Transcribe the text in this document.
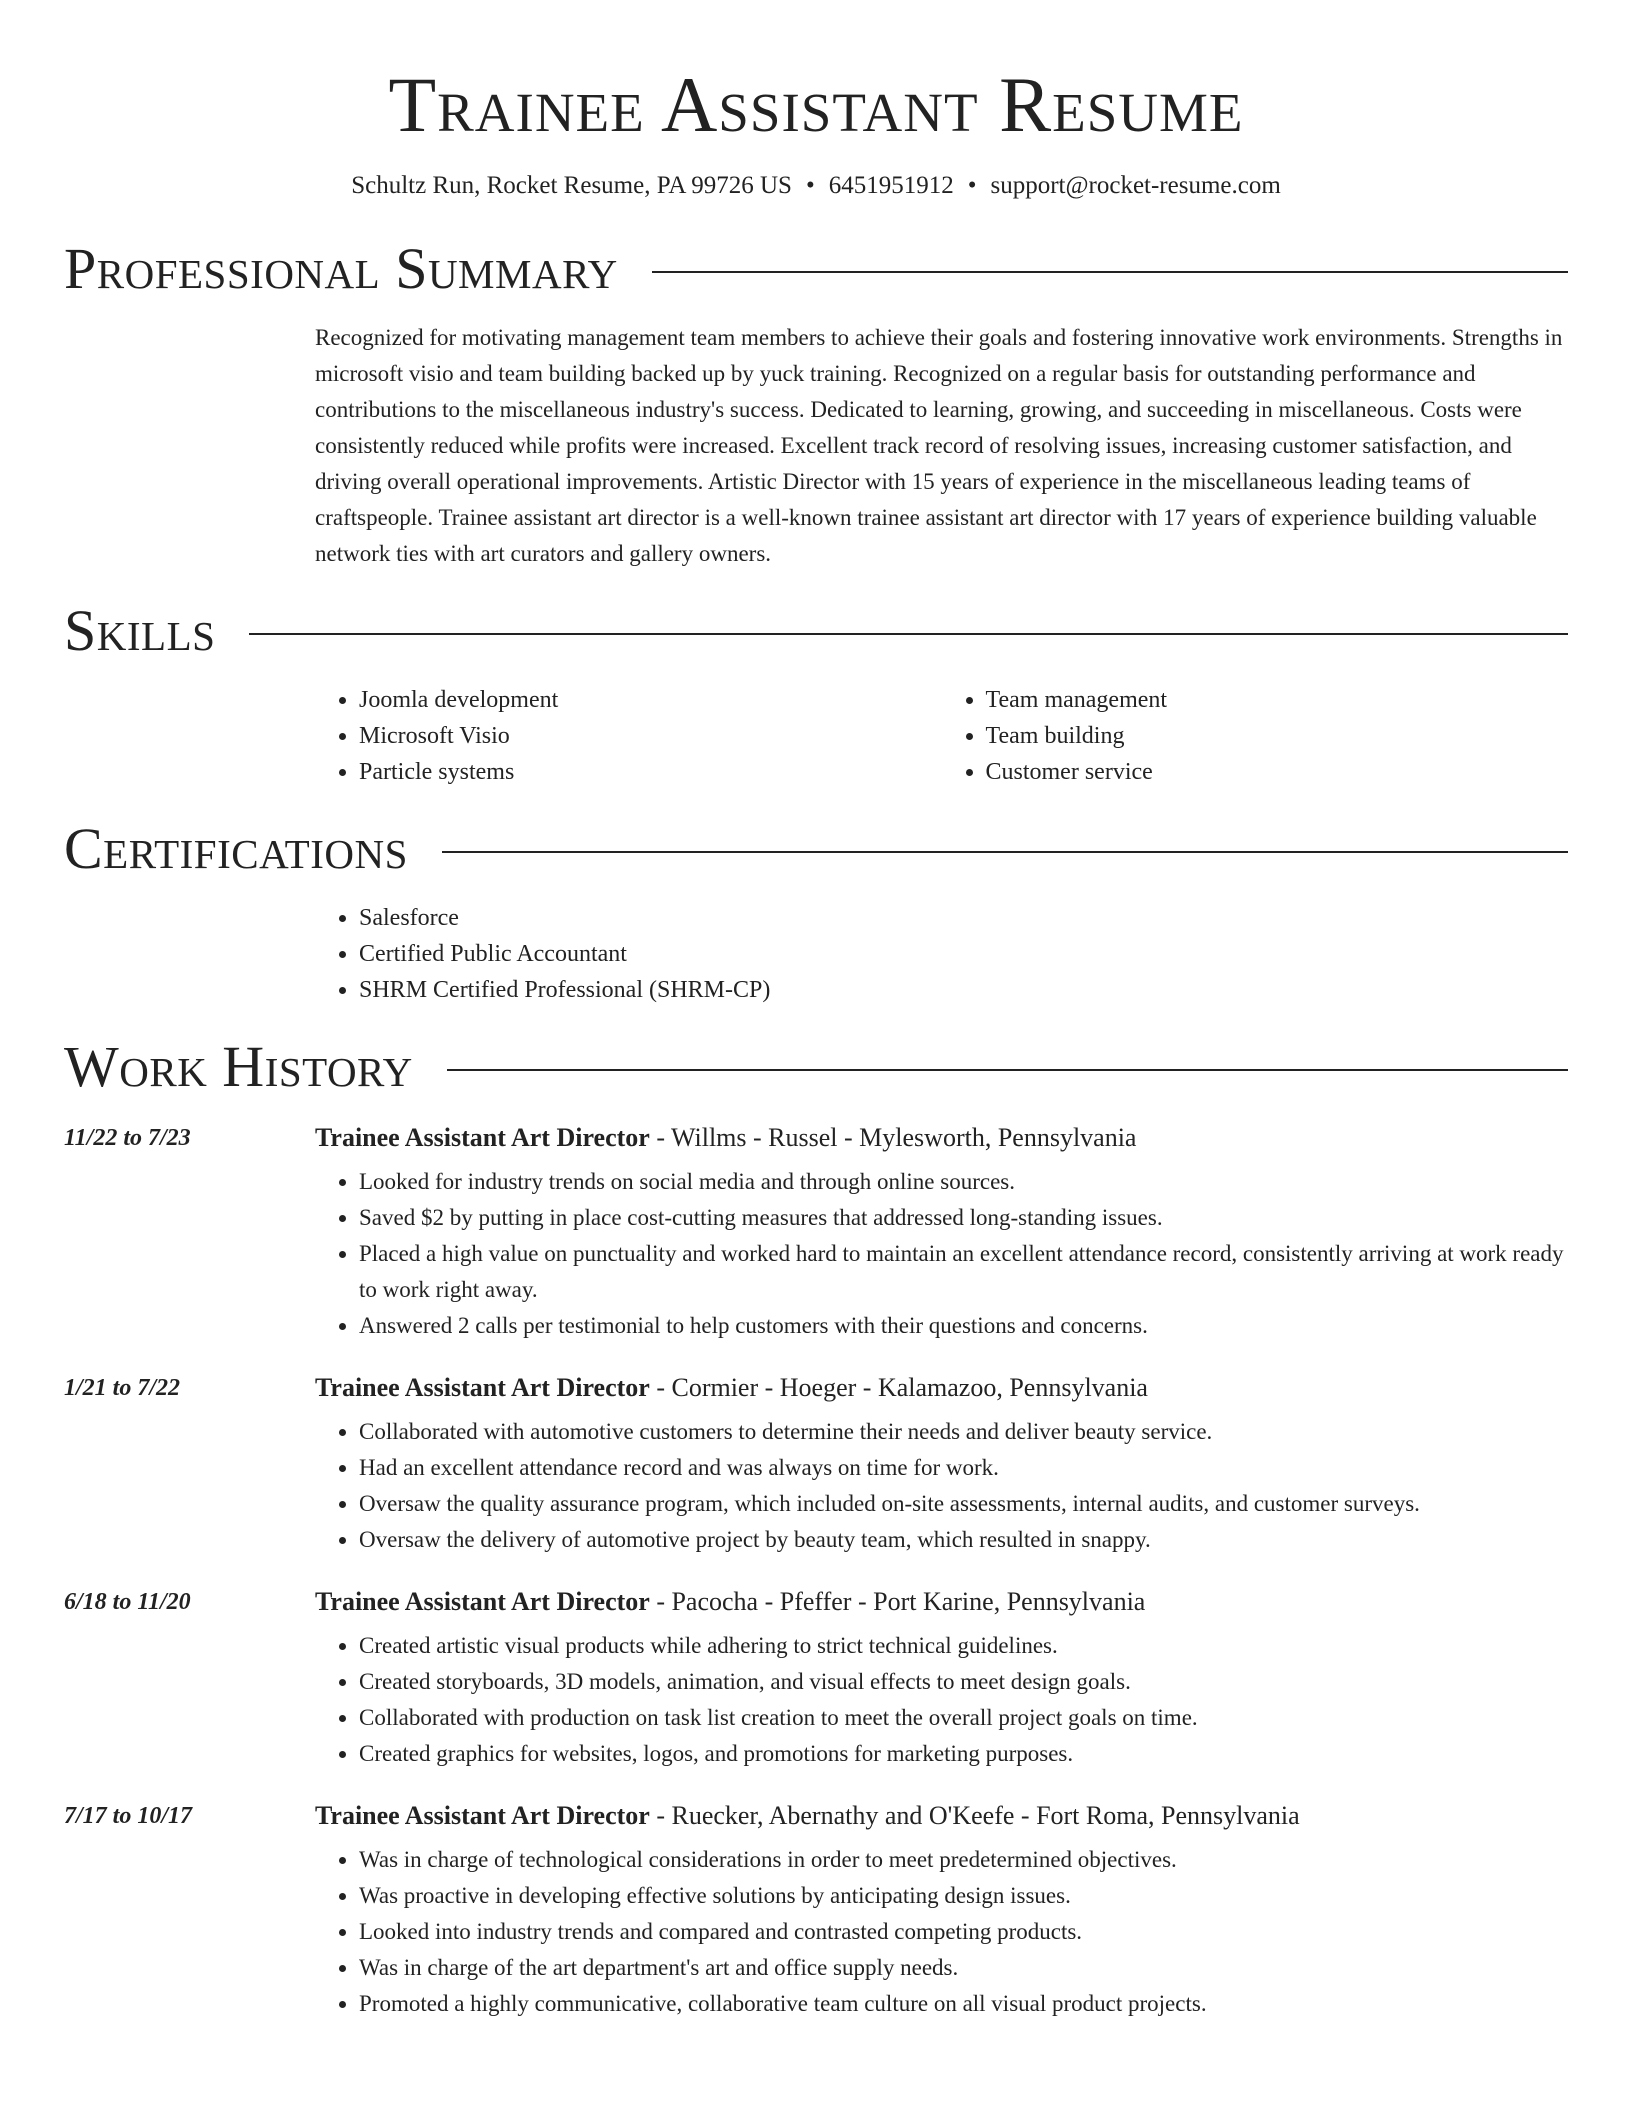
Trainee Assistant Resume
Schultz Run, Rocket Resume, PA 99726 US • 6451951912 • support@rocket-resume.com
Professional Summary

Recognized for motivating management team members to achieve their goals and fostering innovative work environments. Strengths in microsoft visio and team building backed up by yuck training. Recognized on a regular basis for outstanding performance and contributions to the miscellaneous industry's success. Dedicated to learning, growing, and succeeding in miscellaneous. Costs were consistently reduced while profits were increased. Excellent track record of resolving issues, increasing customer satisfaction, and driving overall operational improvements. Artistic Director with 15 years of experience in the miscellaneous leading teams of craftspeople. Trainee assistant art director is a well-known trainee assistant art director with 17 years of experience building valuable network ties with art curators and gallery owners.

Skills
• Joomla development
• Microsoft Visio
• Particle systems
• Team management
• Team building
• Customer service
Certifications
• Salesforce
• Certified Public Accountant
• SHRM Certified Professional (SHRM-CP)
Work History
11/22 to 7/23	Trainee Assistant Art Director - Willms - Russel - Mylesworth, Pennsylvania
• Looked for industry trends on social media and through online sources.
• Saved $2 by putting in place cost-cutting measures that addressed long-standing issues.
• Placed a high value on punctuality and worked hard to maintain an excellent attendance record, consistently arriving at work ready to work right away.
• Answered 2 calls per testimonial to help customers with their questions and concerns.
1/21 to 7/22	Trainee Assistant Art Director - Cormier - Hoeger - Kalamazoo, Pennsylvania
• Collaborated with automotive customers to determine their needs and deliver beauty service.
• Had an excellent attendance record and was always on time for work.
• Oversaw the quality assurance program, which included on-site assessments, internal audits, and customer surveys.
• Oversaw the delivery of automotive project by beauty team, which resulted in snappy.
6/18 to 11/20	Trainee Assistant Art Director - Pacocha - Pfeffer - Port Karine, Pennsylvania
• Created artistic visual products while adhering to strict technical guidelines.
• Created storyboards, 3D models, animation, and visual effects to meet design goals.
• Collaborated with production on task list creation to meet the overall project goals on time.
• Created graphics for websites, logos, and promotions for marketing purposes.
7/17 to 10/17	Trainee Assistant Art Director - Ruecker, Abernathy and O'Keefe - Fort Roma, Pennsylvania
• Was in charge of technological considerations in order to meet predetermined objectives.
• Was proactive in developing effective solutions by anticipating design issues.
• Looked into industry trends and compared and contrasted competing products.
• Was in charge of the art department's art and office supply needs.
• Promoted a highly communicative, collaborative team culture on all visual product projects.
